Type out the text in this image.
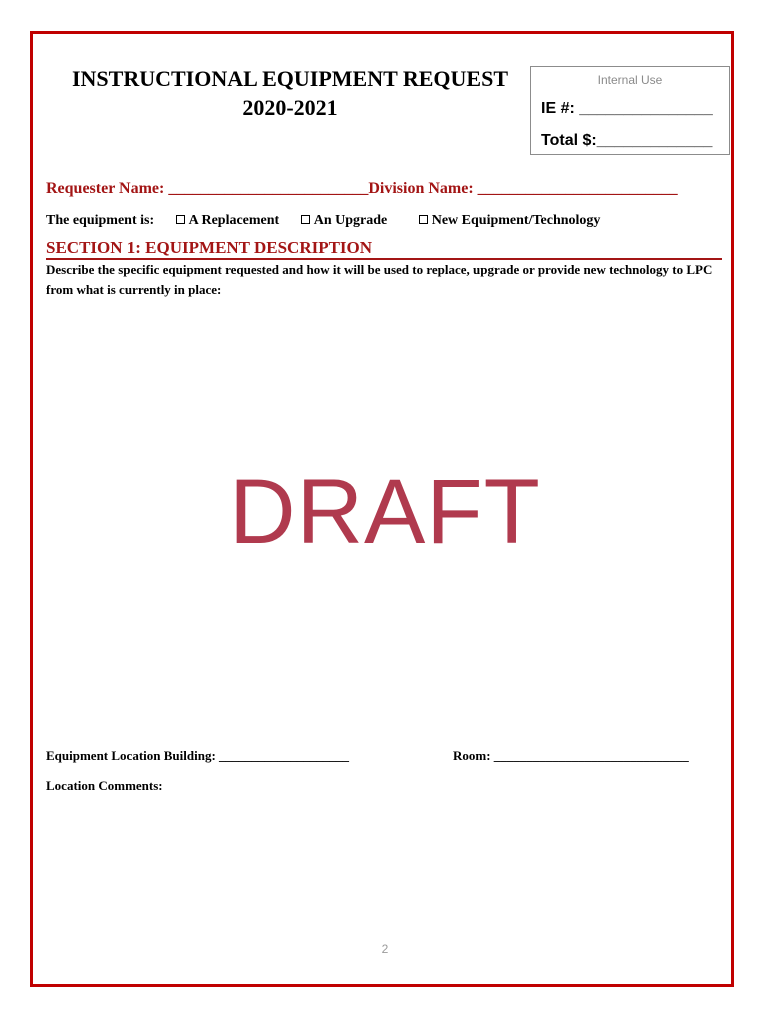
INSTRUCTIONAL EQUIPMENT REQUEST
2020-2021
Internal Use
IE #: _______________
Total $:_____________
Requester Name: _________________________Division Name: _________________________
The equipment is: A Replacement An Upgrade	New Equipment/Technology
SECTION 1: EQUIPMENT DESCRIPTION
Describe the specific equipment requested and how it will be used to replace, upgrade or provide new technology to LPC from what is currently in place:
DRAFT
Equipment Location Building: ____________________	Room: ______________________________
Location Comments:
2
